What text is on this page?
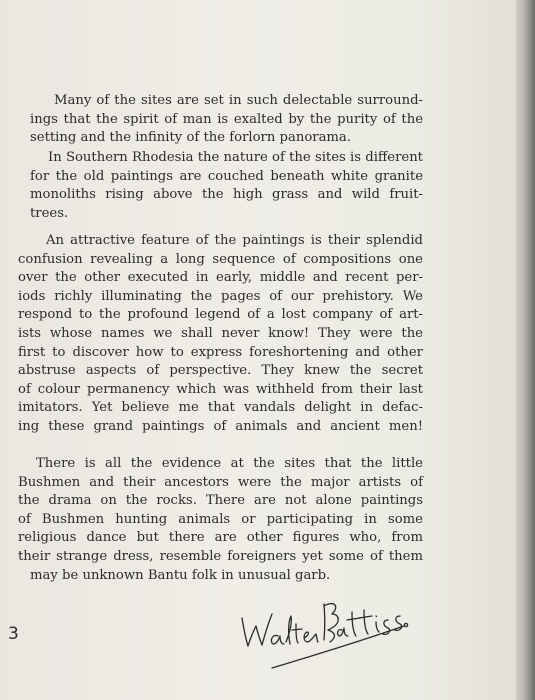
Many of the sites are set in such delectable surround-
ings that the spirit of man is exalted by the purity of the
setting and the infinity of the forlorn panorama.
In Southern Rhodesia the nature of the sites is different
for the old paintings are couched beneath white granite
monoliths rising above the high grass and wild fruit-
trees.
An attractive feature of the paintings is their splendid
confusion revealing a long sequence of compositions one
over the other executed in early, middle and recent per-
iods richly illuminating the pages of our prehistory. We
respond to the profound legend of a lost company of art-
ists whose names we shall never know! They were the
first to discover how to express foreshortening and other
abstruse aspects of perspective. They knew the secret
of colour permanency which was withheld from their last
imitators. Yet believe me that vandals delight in defac-
ing these grand paintings of animals and ancient men!
There is all the evidence at the sites that the little
Bushmen and their ancestors were the major artists of
the drama on the rocks. There are not alone paintings
of Bushmen hunting animals or participating in some
religious dance but there are other figures who, from
their strange dress, resemble foreigners yet some of them
may be unknown Bantu folk in unusual garb.
3
